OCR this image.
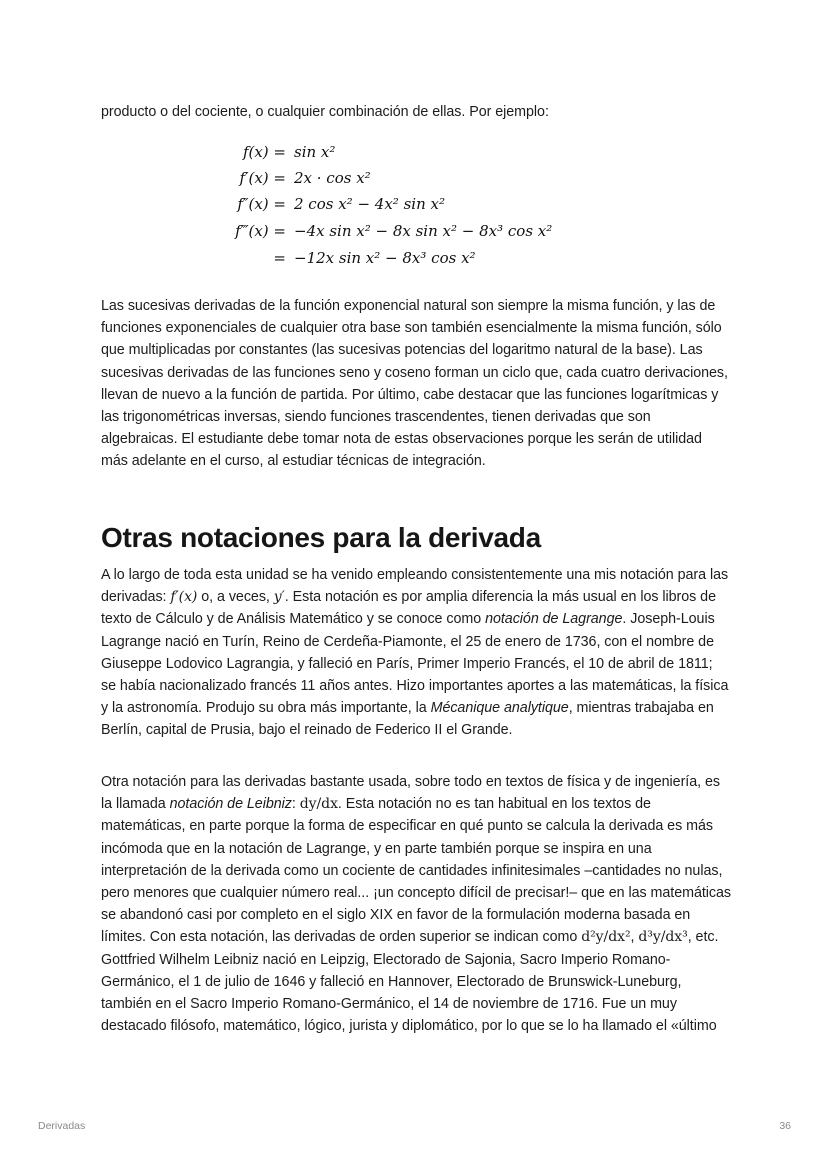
producto o del cociente, o cualquier combinación de ellas. Por ejemplo:

f(x) = sin x²
f′(x) = 2x · cos x²
f″(x) = 2 cos x² − 4x² sin x²
f‴(x) = −4x sin x² − 8x sin x² − 8x³ cos x²
= −12x sin x² − 8x³ cos x²

Las sucesivas derivadas de la función exponencial natural son siempre la misma función, y las de funciones exponenciales de cualquier otra base son también esencialmente la misma función, sólo que multiplicadas por constantes (las sucesivas potencias del logaritmo natural de la base). Las sucesivas derivadas de las funciones seno y coseno forman un ciclo que, cada cuatro derivaciones, llevan de nuevo a la función de partida. Por último, cabe destacar que las funciones logarítmicas y las trigonométricas inversas, siendo funciones trascendentes, tienen derivadas que son algebraicas. El estudiante debe tomar nota de estas observaciones porque les serán de utilidad más adelante en el curso, al estudiar técnicas de integración.

Otras notaciones para la derivada

A lo largo de toda esta unidad se ha venido empleando consistentemente una mis notación para las derivadas: f′(x) o, a veces, y′. Esta notación es por amplia diferencia la más usual en los libros de texto de Cálculo y de Análisis Matemático y se conoce como notación de Lagrange. Joseph-Louis Lagrange nació en Turín, Reino de Cerdeña-Piamonte, el 25 de enero de 1736, con el nombre de Giuseppe Lodovico Lagrangia, y falleció en París, Primer Imperio Francés, el 10 de abril de 1811; se había nacionalizado francés 11 años antes. Hizo importantes aportes a las matemáticas, la física y la astronomía. Produjo su obra más importante, la Mécanique analytique, mientras trabajaba en Berlín, capital de Prusia, bajo el reinado de Federico II el Grande.

Otra notación para las derivadas bastante usada, sobre todo en textos de física y de ingeniería, es la llamada notación de Leibniz: dy/dx. Esta notación no es tan habitual en los textos de matemáticas, en parte porque la forma de especificar en qué punto se calcula la derivada es más incómoda que en la notación de Lagrange, y en parte también porque se inspira en una interpretación de la derivada como un cociente de cantidades infinitesimales –cantidades no nulas, pero menores que cualquier número real... ¡un concepto difícil de precisar!– que en las matemáticas se abandonó casi por completo en el siglo XIX en favor de la formulación moderna basada en límites. Con esta notación, las derivadas de orden superior se indican como d²y/dx², d³y/dx³, etc. Gottfried Wilhelm Leibniz nació en Leipzig, Electorado de Sajonia, Sacro Imperio Romano-Germánico, el 1 de julio de 1646 y falleció en Hannover, Electorado de Brunswick-Luneburg, también en el Sacro Imperio Romano-Germánico, el 14 de noviembre de 1716. Fue un muy destacado filósofo, matemático, lógico, jurista y diplomático, por lo que se lo ha llamado el «último

Derivadas	36
